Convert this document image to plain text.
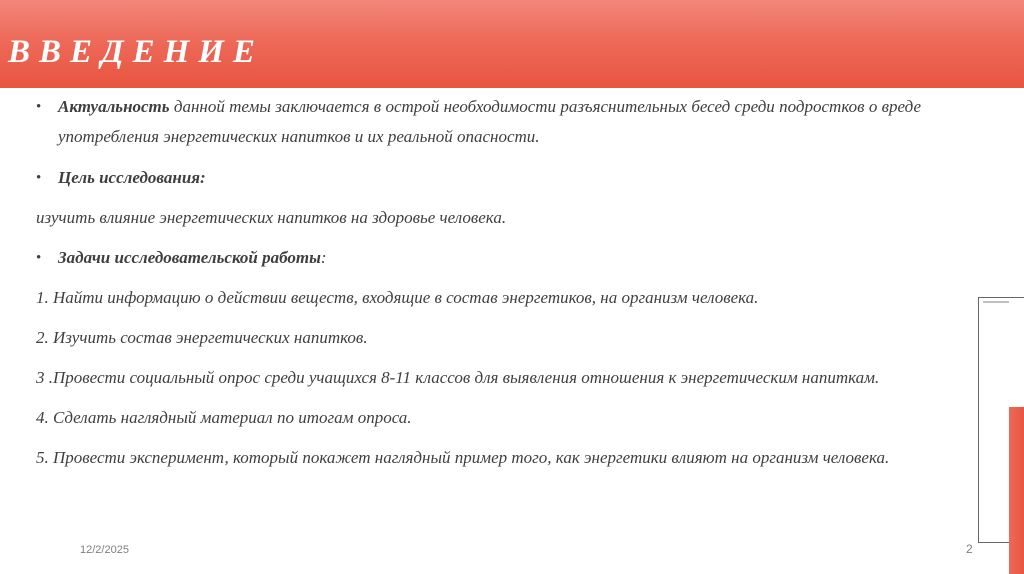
ВВЕДЕНИЕ

• Актуальность данной темы заключается в острой необходимости разъяснительных бесед среди подростков о вреде употребления энергетических напитков и их реальной опасности.

• Цель исследования:

изучить влияние энергетических напитков на здоровье человека.

• Задачи исследовательской работы:

1. Найти информацию о действии веществ, входящие в состав энергетиков, на организм человека.

2. Изучить состав энергетических напитков.

3 .Провести социальный опрос среди учащихся 8-11 классов для выявления отношения к энергетическим напиткам.

4. Сделать наглядный материал по итогам опроса.

5. Провести эксперимент, который покажет наглядный пример того, как энергетики влияют на организм человека.

12/2/2025	2
